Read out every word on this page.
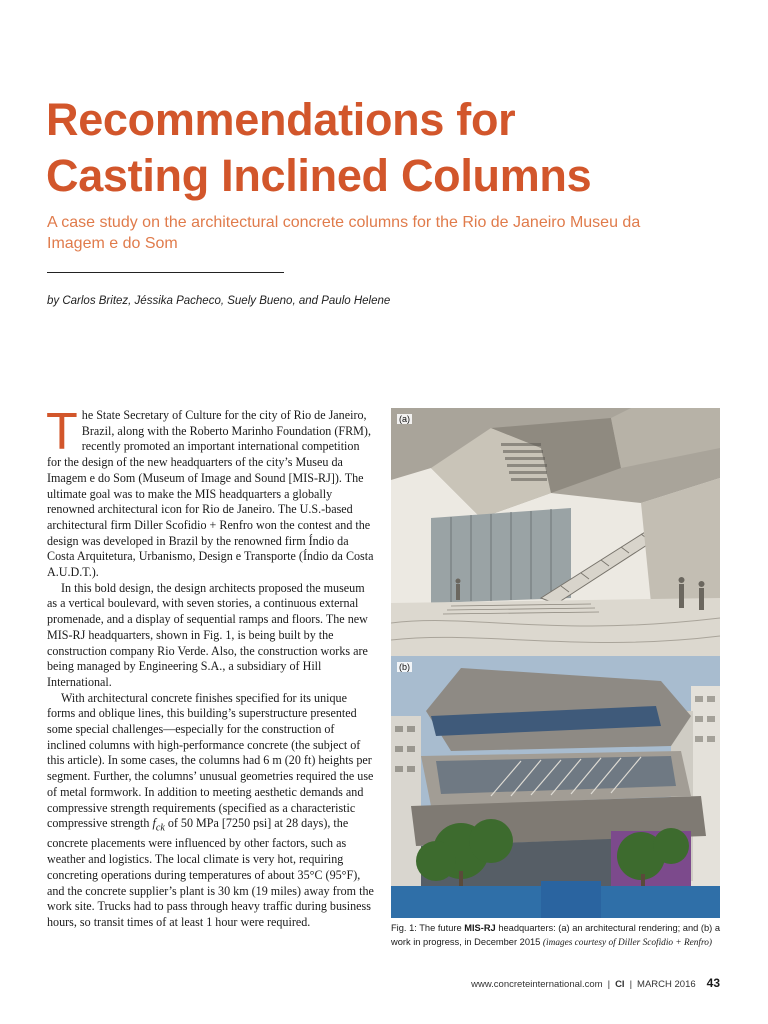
Recommendations for
Casting Inclined Columns
A case study on the architectural concrete columns for the Rio de Janeiro Museu da Imagem e do Som
by Carlos Britez, Jéssika Pacheco, Suely Bueno, and Paulo Helene

The State Secretary of Culture for the city of Rio de Janeiro, Brazil, along with the Roberto Marinho Foundation (FRM), recently promoted an important international competition for the design of the new headquarters of the city’s Museu da Imagem e do Som (Museum of Image and Sound [MIS-RJ]). The ultimate goal was to make the MIS headquarters a globally renowned architectural icon for Rio de Janeiro. The U.S.-based architectural firm Diller Scofidio + Renfro won the contest and the design was developed in Brazil by the renowned firm Índio da Costa Arquitetura, Urbanismo, Design e Transporte (Índio da Costa A.U.D.T.).

In this bold design, the design architects proposed the museum as a vertical boulevard, with seven stories, a continuous external promenade, and a display of sequential ramps and floors. The new MIS-RJ headquarters, shown in Fig. 1, is being built by the construction company Rio Verde. Also, the construction works are being managed by Engineering S.A., a subsidiary of Hill International.

With architectural concrete finishes specified for its unique forms and oblique lines, this building’s superstructure presented some special challenges—especially for the construction of inclined columns with high-performance concrete (the subject of this article). In some cases, the columns had 6 m (20 ft) heights per segment. Further, the columns’ unusual geometries required the use of metal formwork. In addition to meeting aesthetic demands and compressive strength requirements (specified as a characteristic compressive strength $f_{ck}$ of 50 MPa [7250 psi] at 28 days), the concrete placements were influenced by other factors, such as weather and logistics. The local climate is very hot, requiring concreting operations during temperatures of about 35°C (95°F), and the concrete supplier’s plant is 30 km (19 miles) away from the work site. Trucks had to pass through heavy traffic during business hours, so transit times of at least 1 hour were required.

(a)
(b)
Fig. 1: The future MIS-RJ headquarters: (a) an architectural rendering; and (b) a work in progress, in December 2015 (images courtesy of Diller Scofidio + Renfro)
www.concreteinternational.com | CI | MARCH 2016 43
